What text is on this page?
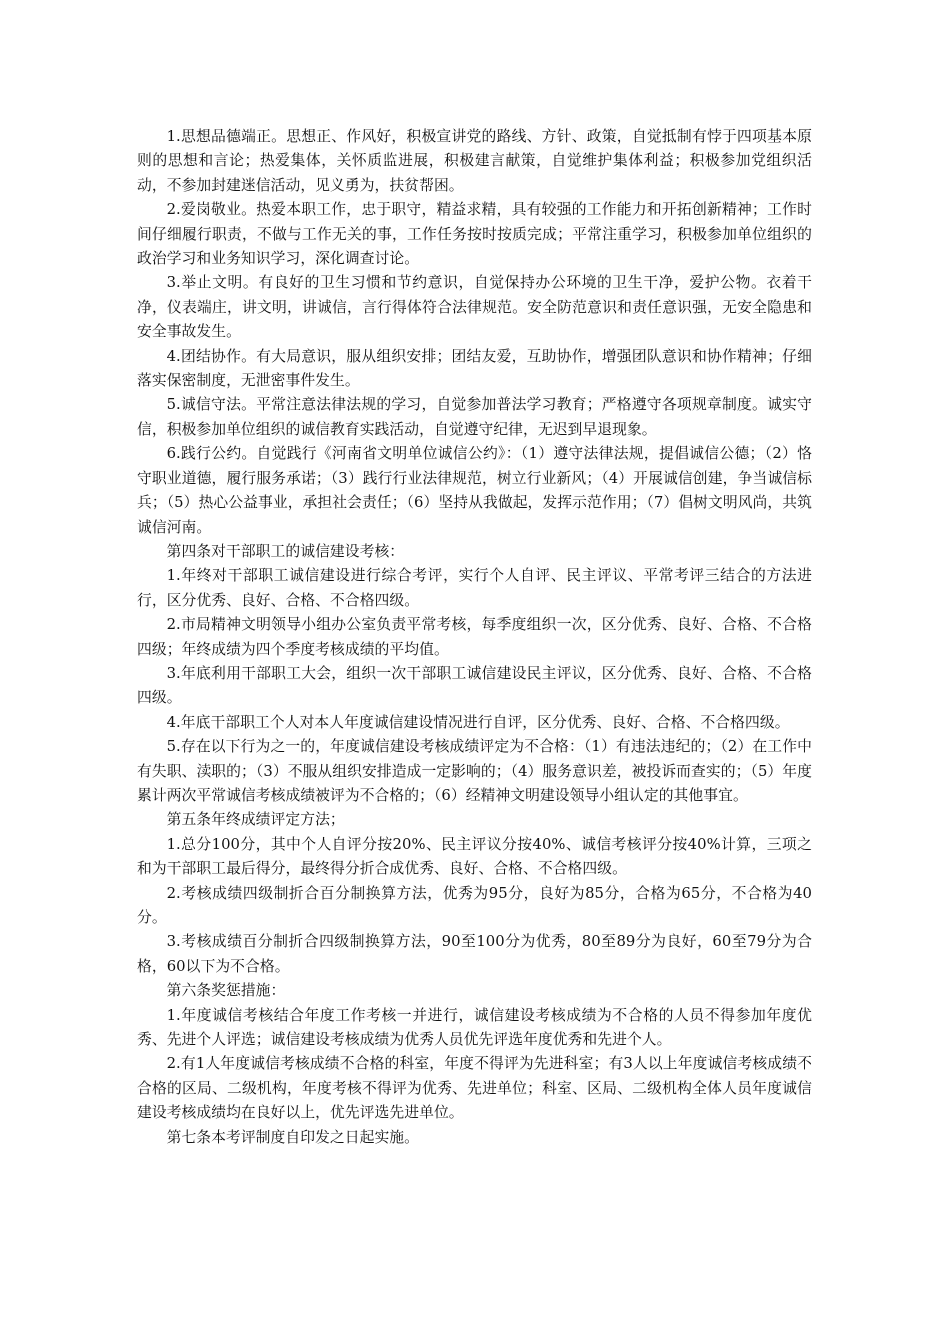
1.思想品德端正。思想正、作风好，积极宣讲党的路线、方针、政策，自觉抵制有悖于四项基本原则的思想和言论；热爱集体，关怀质监进展，积极建言献策，自觉维护集体利益；积极参加党组织活动，不参加封建迷信活动，见义勇为，扶贫帮困。

2.爱岗敬业。热爱本职工作，忠于职守，精益求精，具有较强的工作能力和开拓创新精神；工作时间仔细履行职责，不做与工作无关的事，工作任务按时按质完成；平常注重学习，积极参加单位组织的政治学习和业务知识学习，深化调查讨论。

3.举止文明。有良好的卫生习惯和节约意识，自觉保持办公环境的卫生干净，爱护公物。衣着干净，仪表端庄，讲文明，讲诚信，言行得体符合法律规范。安全防范意识和责任意识强，无安全隐患和安全事故发生。

4.团结协作。有大局意识，服从组织安排；团结友爱，互助协作，增强团队意识和协作精神；仔细落实保密制度，无泄密事件发生。

5.诚信守法。平常注意法律法规的学习，自觉参加普法学习教育；严格遵守各项规章制度。诚实守信，积极参加单位组织的诚信教育实践活动，自觉遵守纪律，无迟到早退现象。

6.践行公约。自觉践行《河南省文明单位诚信公约》：（1）遵守法律法规，提倡诚信公德；（2）恪守职业道德，履行服务承诺；（3）践行行业法律规范，树立行业新风；（4）开展诚信创建，争当诚信标兵；（5）热心公益事业，承担社会责任；（6）坚持从我做起，发挥示范作用；（7）倡树文明风尚，共筑诚信河南。

第四条对干部职工的诚信建设考核：

1.年终对干部职工诚信建设进行综合考评，实行个人自评、民主评议、平常考评三结合的方法进行，区分优秀、良好、合格、不合格四级。

2.市局精神文明领导小组办公室负责平常考核，每季度组织一次，区分优秀、良好、合格、不合格四级；年终成绩为四个季度考核成绩的平均值。

3.年底利用干部职工大会，组织一次干部职工诚信建设民主评议，区分优秀、良好、合格、不合格四级。

4.年底干部职工个人对本人年度诚信建设情况进行自评，区分优秀、良好、合格、不合格四级。

5.存在以下行为之一的，年度诚信建设考核成绩评定为不合格：（1）有违法违纪的；（2）在工作中有失职、渎职的；（3）不服从组织安排造成一定影响的；（4）服务意识差，被投诉而查实的；（5）年度累计两次平常诚信考核成绩被评为不合格的；（6）经精神文明建设领导小组认定的其他事宜。

第五条年终成绩评定方法；

1.总分100分，其中个人自评分按20%、民主评议分按40%、诚信考核评分按40%计算，三项之和为干部职工最后得分，最终得分折合成优秀、良好、合格、不合格四级。

2.考核成绩四级制折合百分制换算方法，优秀为95分，良好为85分，合格为65分，不合格为40分。

3.考核成绩百分制折合四级制换算方法，90至100分为优秀，80至89分为良好，60至79分为合格，60以下为不合格。

第六条奖惩措施：

1.年度诚信考核结合年度工作考核一并进行，诚信建设考核成绩为不合格的人员不得参加年度优秀、先进个人评选；诚信建设考核成绩为优秀人员优先评选年度优秀和先进个人。

2.有1人年度诚信考核成绩不合格的科室，年度不得评为先进科室；有3人以上年度诚信考核成绩不合格的区局、二级机构，年度考核不得评为优秀、先进单位；科室、区局、二级机构全体人员年度诚信建设考核成绩均在良好以上，优先评选先进单位。

第七条本考评制度自印发之日起实施。
